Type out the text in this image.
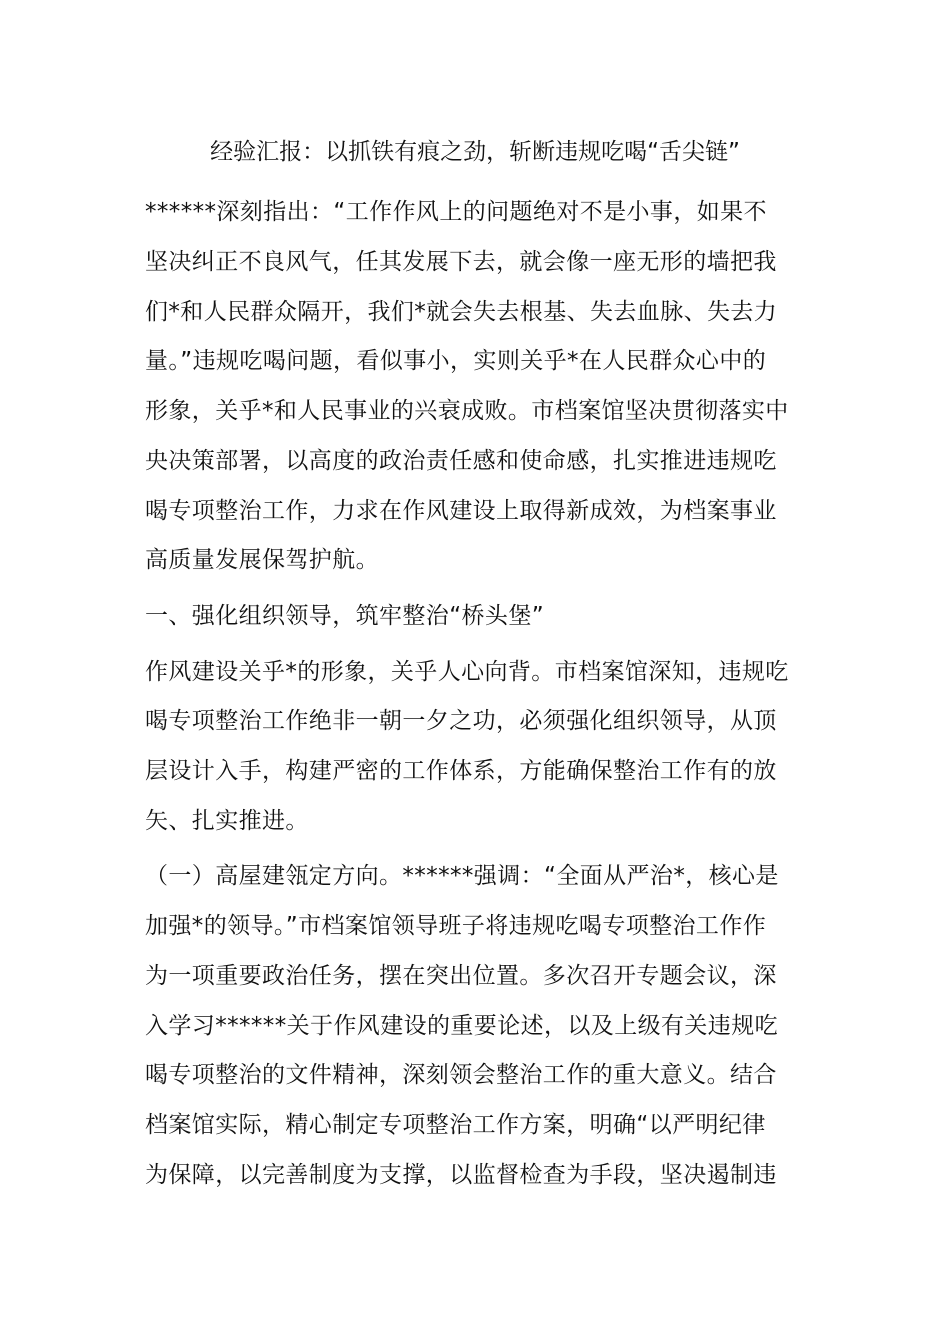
经验汇报：以抓铁有痕之劲，斩断违规吃喝“舌尖链”
******深刻指出：“工作作风上的问题绝对不是小事，如果不
坚决纠正不良风气，任其发展下去，就会像一座无形的墙把我
们*和人民群众隔开，我们*就会失去根基、失去血脉、失去力
量。”违规吃喝问题，看似事小，实则关乎*在人民群众心中的
形象，关乎*和人民事业的兴衰成败。市档案馆坚决贯彻落实中
央决策部署，以高度的政治责任感和使命感，扎实推进违规吃
喝专项整治工作，力求在作风建设上取得新成效，为档案事业
高质量发展保驾护航。
一、强化组织领导，筑牢整治“桥头堡”
作风建设关乎*的形象，关乎人心向背。市档案馆深知，违规吃
喝专项整治工作绝非一朝一夕之功，必须强化组织领导，从顶
层设计入手，构建严密的工作体系，方能确保整治工作有的放
矢、扎实推进。
（一）高屋建瓴定方向。******强调：“全面从严治*，核心是
加强*的领导。”市档案馆领导班子将违规吃喝专项整治工作作
为一项重要政治任务，摆在突出位置。多次召开专题会议，深
入学习******关于作风建设的重要论述，以及上级有关违规吃
喝专项整治的文件精神，深刻领会整治工作的重大意义。结合
档案馆实际，精心制定专项整治工作方案，明确“以严明纪律
为保障，以完善制度为支撑，以监督检查为手段，坚决遏制违
